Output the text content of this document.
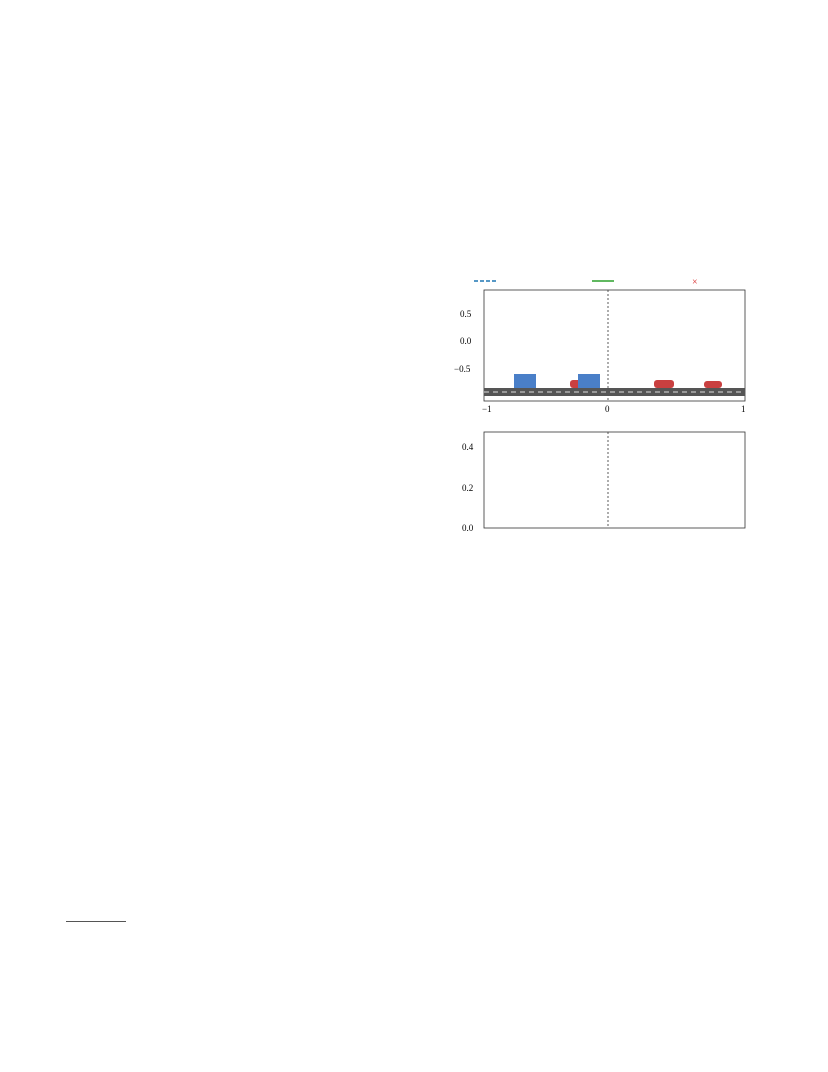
×
0.5
0.0
−0.5
−1	0	1
0.0
0.2
0.4
